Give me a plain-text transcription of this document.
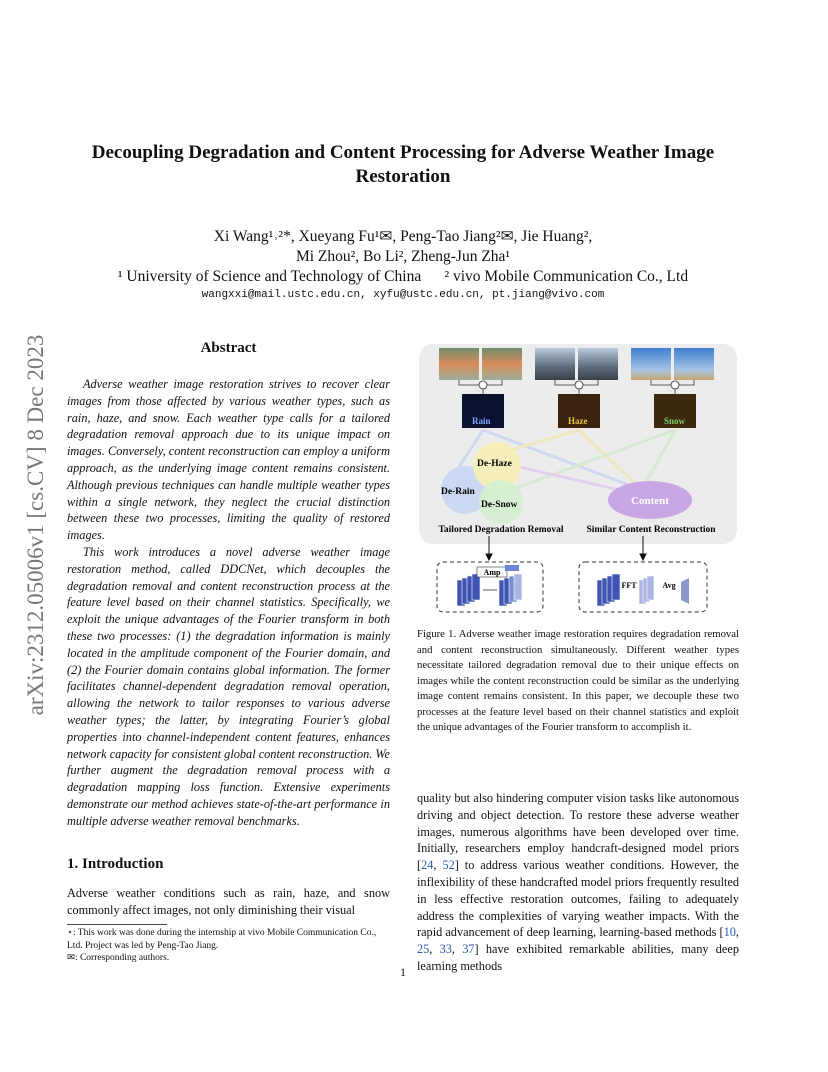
arXiv:2312.05006v1 [cs.CV] 8 Dec 2023
Decoupling Degradation and Content Processing for Adverse Weather Image Restoration
Xi Wang¹˒²*, Xueyang Fu¹✉, Peng-Tao Jiang²✉, Jie Huang²,
Mi Zhou², Bo Li², Zheng-Jun Zha¹
¹ University of Science and Technology of China ² vivo Mobile Communication Co., Ltd
wangxxi@mail.ustc.edu.cn, xyfu@ustc.edu.cn, pt.jiang@vivo.com
Abstract

Adverse weather image restoration strives to recover clear images from those affected by various weather types, such as rain, haze, and snow. Each weather type calls for a tailored degradation removal approach due to its unique impact on images. Conversely, content reconstruction can employ a uniform approach, as the underlying image content remains consistent. Although previous techniques can handle multiple weather types within a single network, they neglect the crucial distinction between these two processes, limiting the quality of restored images.

This work introduces a novel adverse weather image restoration method, called DDCNet, which decouples the degradation removal and content reconstruction process at the feature level based on their channel statistics. Specifically, we exploit the unique advantages of the Fourier transform in both these two processes: (1) the degradation information is mainly located in the amplitude component of the Fourier domain, and (2) the Fourier domain contains global information. The former facilitates channel-dependent degradation removal operation, allowing the network to tailor responses to various adverse weather types; the latter, by integrating Fourier’s global properties into channel-independent content features, enhances network capacity for consistent global content reconstruction. We further augment the degradation removal process with a degradation mapping loss function. Extensive experiments demonstrate our method achieves state-of-the-art performance in multiple adverse weather removal benchmarks.

1. Introduction

Adverse weather conditions such as rain, haze, and snow commonly affect images, not only diminishing their visual

⋆: This work was done during the internship at vivo Mobile Communication Co., Ltd. Project was led by Peng-Tao Jiang.

✉: Corresponding authors.

Rain	Haze	Snow
De-Haze
De-Rain
De-Snow	Content
Tailored Degradation Removal Similar Content Reconstruction
Amp
FFT	Avg

Figure 1. Adverse weather image restoration requires degradation removal and content reconstruction simultaneously. Different weather types necessitate tailored degradation removal due to their unique effects on images while the content reconstruction could be similar as the underlying image content remains consistent. In this paper, we decouple these two processes at the feature level based on their channel statistics and exploit the unique advantages of the Fourier transform to accomplish it.

quality but also hindering computer vision tasks like autonomous driving and object detection. To restore these adverse weather images, numerous algorithms have been developed over time. Initially, researchers employ handcraft-designed model priors [24, 52] to address various weather conditions. However, the inflexibility of these handcrafted model priors frequently resulted in less effective restoration outcomes, failing to adequately address the complexities of varying weather impacts. With the rapid advancement of deep learning, learning-based methods [10, 25, 33, 37] have exhibited remarkable abilities, many deep learning methods

1
